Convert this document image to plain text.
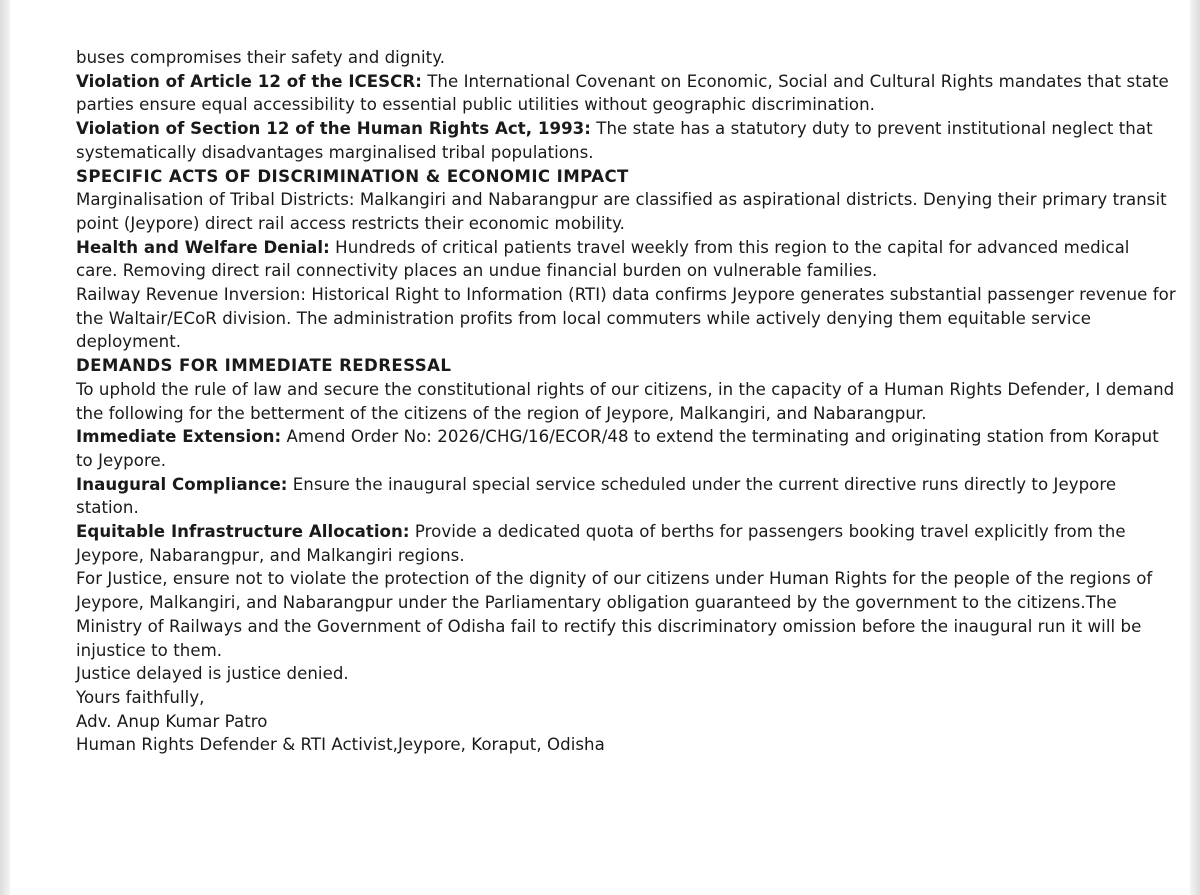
buses compromises their safety and dignity.

Violation of Article 12 of the ICESCR: The International Covenant on Economic, Social and Cultural Rights mandates that state parties ensure equal accessibility to essential public utilities without geographic discrimination.

Violation of Section 12 of the Human Rights Act, 1993: The state has a statutory duty to prevent institutional neglect that systematically disadvantages marginalised tribal populations.

SPECIFIC ACTS OF DISCRIMINATION & ECONOMIC IMPACT

Marginalisation of Tribal Districts: Malkangiri and Nabarangpur are classified as aspirational districts. Denying their primary transit point (Jeypore) direct rail access restricts their economic mobility.

Health and Welfare Denial: Hundreds of critical patients travel weekly from this region to the capital for advanced medical care. Removing direct rail connectivity places an undue financial burden on vulnerable families.

Railway Revenue Inversion: Historical Right to Information (RTI) data confirms Jeypore generates substantial passenger revenue for the Waltair/ECoR division. The administration profits from local commuters while actively denying them equitable service deployment.

DEMANDS FOR IMMEDIATE REDRESSAL

To uphold the rule of law and secure the constitutional rights of our citizens, in the capacity of a Human Rights Defender, I demand the following for the betterment of the citizens of the region of Jeypore, Malkangiri, and Nabarangpur.

Immediate Extension: Amend Order No: 2026/CHG/16/ECOR/48 to extend the terminating and originating station from Koraput to Jeypore.

Inaugural Compliance: Ensure the inaugural special service scheduled under the current directive runs directly to Jeypore station.

Equitable Infrastructure Allocation: Provide a dedicated quota of berths for passengers booking travel explicitly from the Jeypore, Nabarangpur, and Malkangiri regions.

For Justice, ensure not to violate the protection of the dignity of our citizens under Human Rights for the people of the regions of Jeypore, Malkangiri, and Nabarangpur under the Parliamentary obligation guaranteed by the government to the citizens.The Ministry of Railways and the Government of Odisha fail to rectify this discriminatory omission before the inaugural run it will be injustice to them.

Justice delayed is justice denied.

Yours faithfully,

Adv. Anup Kumar Patro

Human Rights Defender & RTI Activist,Jeypore, Koraput, Odisha
